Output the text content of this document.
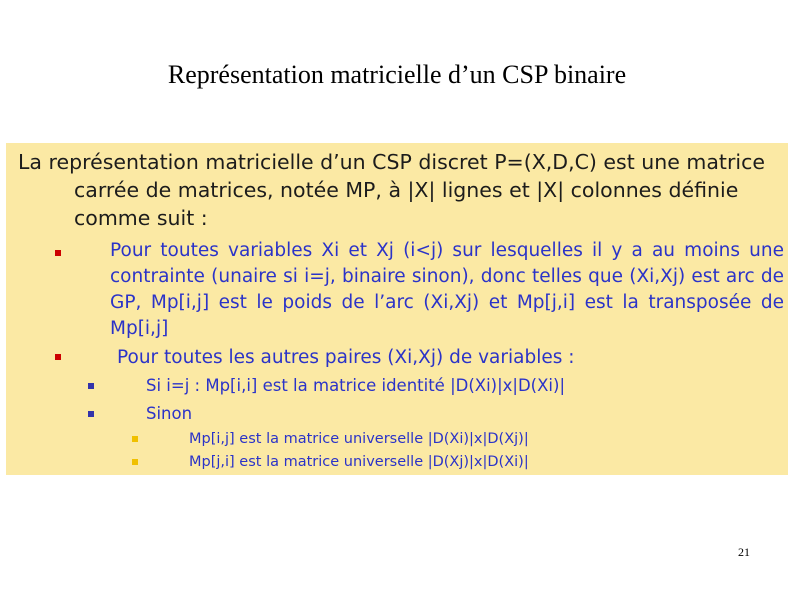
Représentation matricielle d’un CSP binaire
La représentation matricielle d’un CSP discret P=(X,D,C) est une matrice carrée de matrices, notée MP, à |X| lignes et |X| colonnes définie comme suit :
Pour toutes variables Xi et Xj (i<j) sur lesquelles il y a au moins une contrainte (unaire si i=j, binaire sinon), donc telles que (Xi,Xj) est arc de GP, Mp[i,j] est le poids de l’arc (Xi,Xj) et Mp[j,i] est la transposée de Mp[i,j]
Pour toutes les autres paires (Xi,Xj) de variables :
Si i=j : Mp[i,i] est la matrice identité |D(Xi)|x|D(Xi)|
Sinon
Mp[i,j] est la matrice universelle |D(Xi)|x|D(Xj)|
Mp[j,i] est la matrice universelle |D(Xj)|x|D(Xi)|
21
